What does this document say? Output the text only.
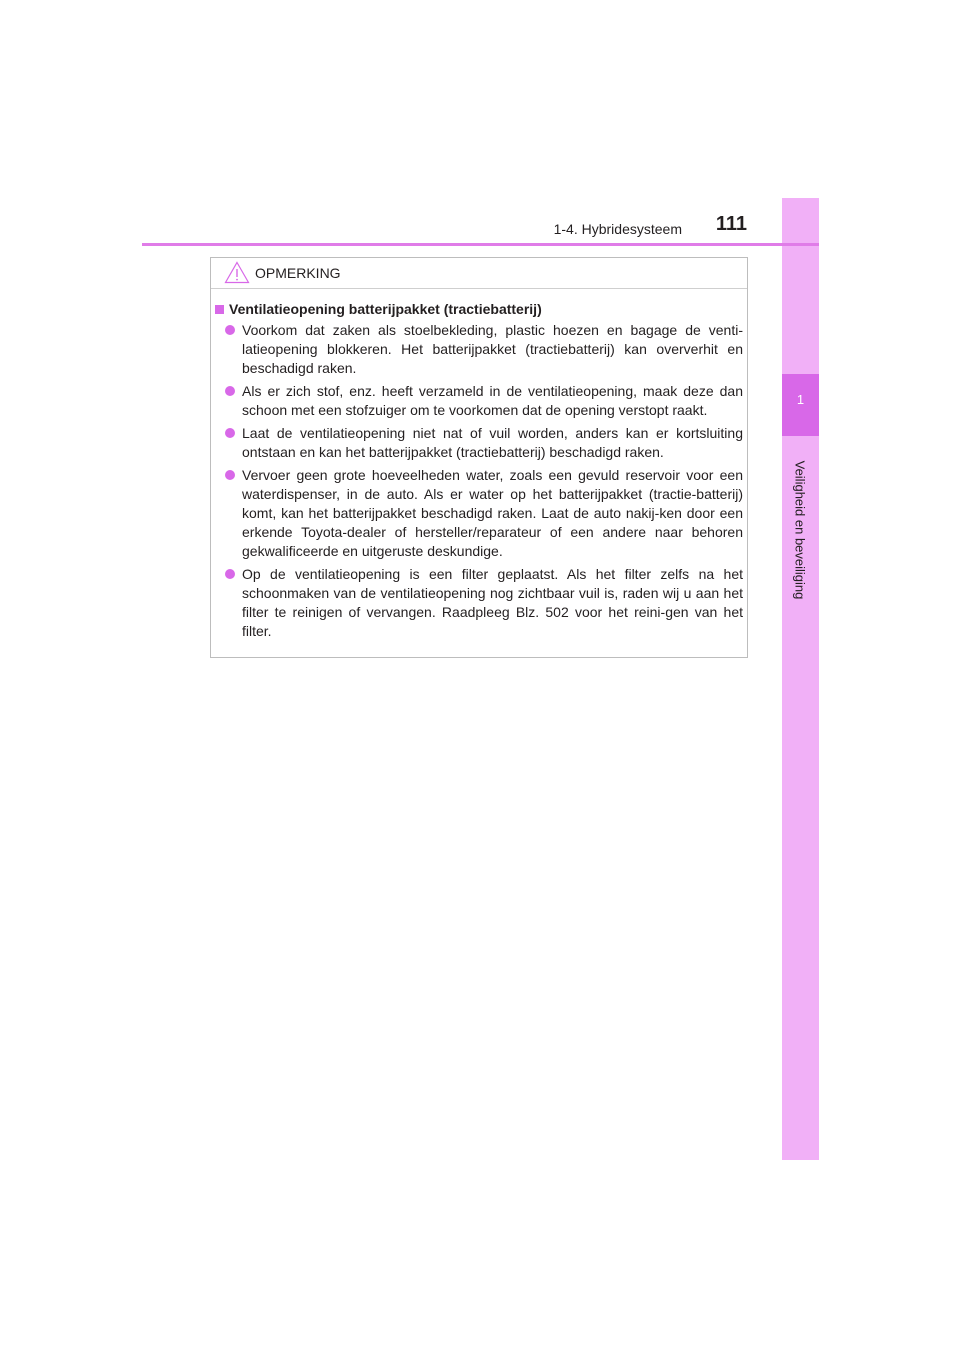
1
Veiligheid en beveiliging
1-4. Hybridesysteem 111
OPMERKING
Ventilatieopening batterijpakket (tractiebatterij)
Voorkom dat zaken als stoelbekleding, plastic hoezen en bagage de venti-latieopening blokkeren. Het batterijpakket (tractiebatterij) kan oververhit en beschadigd raken.
Als er zich stof, enz. heeft verzameld in de ventilatieopening, maak deze dan schoon met een stofzuiger om te voorkomen dat de opening verstopt raakt.
Laat de ventilatieopening niet nat of vuil worden, anders kan er kortsluiting ontstaan en kan het batterijpakket (tractiebatterij) beschadigd raken.
Vervoer geen grote hoeveelheden water, zoals een gevuld reservoir voor een waterdispenser, in de auto. Als er water op het batterijpakket (tractie-batterij) komt, kan het batterijpakket beschadigd raken. Laat de auto nakij-ken door een erkende Toyota-dealer of hersteller/reparateur of een andere naar behoren gekwalificeerde en uitgeruste deskundige.
Op de ventilatieopening is een filter geplaatst. Als het filter zelfs na het schoonmaken van de ventilatieopening nog zichtbaar vuil is, raden wij u aan het filter te reinigen of vervangen. Raadpleeg Blz. 502 voor het reini-gen van het filter.
